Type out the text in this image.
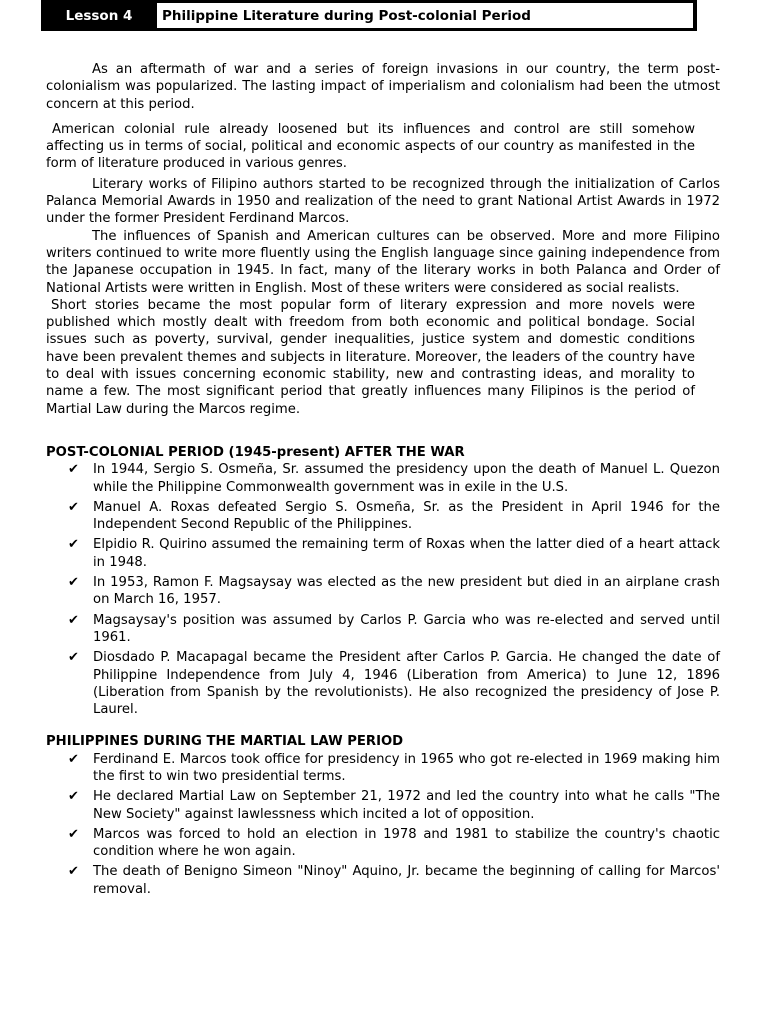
Lesson 4	Philippine Literature during Post-colonial Period

As an aftermath of war and a series of foreign invasions in our country, the term post-colonialism was popularized. The lasting impact of imperialism and colonialism had been the utmost concern at this period.

American colonial rule already loosened but its influences and control are still somehow affecting us in terms of social, political and economic aspects of our country as manifested in the form of literature produced in various genres.

Literary works of Filipino authors started to be recognized through the initialization of Carlos Palanca Memorial Awards in 1950 and realization of the need to grant National Artist Awards in 1972 under the former President Ferdinand Marcos.

The influences of Spanish and American cultures can be observed. More and more Filipino writers continued to write more fluently using the English language since gaining independence from the Japanese occupation in 1945. In fact, many of the literary works in both Palanca and Order of National Artists were written in English. Most of these writers were considered as social realists.

Short stories became the most popular form of literary expression and more novels were published which mostly dealt with freedom from both economic and political bondage. Social issues such as poverty, survival, gender inequalities, justice system and domestic conditions have been prevalent themes and subjects in literature. Moreover, the leaders of the country have to deal with issues concerning economic stability, new and contrasting ideas, and morality to name a few. The most significant period that greatly influences many Filipinos is the period of Martial Law during the Marcos regime.

POST-COLONIAL PERIOD (1945-present) AFTER THE WAR

✔ In 1944, Sergio S. Osmeña, Sr. assumed the presidency upon the death of Manuel L. Quezon while the Philippine Commonwealth government was in exile in the U.S.
✔ Manuel A. Roxas defeated Sergio S. Osmeña, Sr. as the President in April 1946 for the Independent Second Republic of the Philippines.
✔ Elpidio R. Quirino assumed the remaining term of Roxas when the latter died of a heart attack in 1948.
✔ In 1953, Ramon F. Magsaysay was elected as the new president but died in an airplane crash on March 16, 1957.
✔ Magsaysay's position was assumed by Carlos P. Garcia who was re-elected and served until 1961.
✔ Diosdado P. Macapagal became the President after Carlos P. Garcia. He changed the date of Philippine Independence from July 4, 1946 (Liberation from America) to June 12, 1896 (Liberation from Spanish by the revolutionists). He also recognized the presidency of Jose P. Laurel.

PHILIPPINES DURING THE MARTIAL LAW PERIOD

✔ Ferdinand E. Marcos took office for presidency in 1965 who got re-elected in 1969 making him the first to win two presidential terms.
✔ He declared Martial Law on September 21, 1972 and led the country into what he calls "The New Society" against lawlessness which incited a lot of opposition.
✔ Marcos was forced to hold an election in 1978 and 1981 to stabilize the country's chaotic condition where he won again.
✔ The death of Benigno Simeon "Ninoy" Aquino, Jr. became the beginning of calling for Marcos' removal.
